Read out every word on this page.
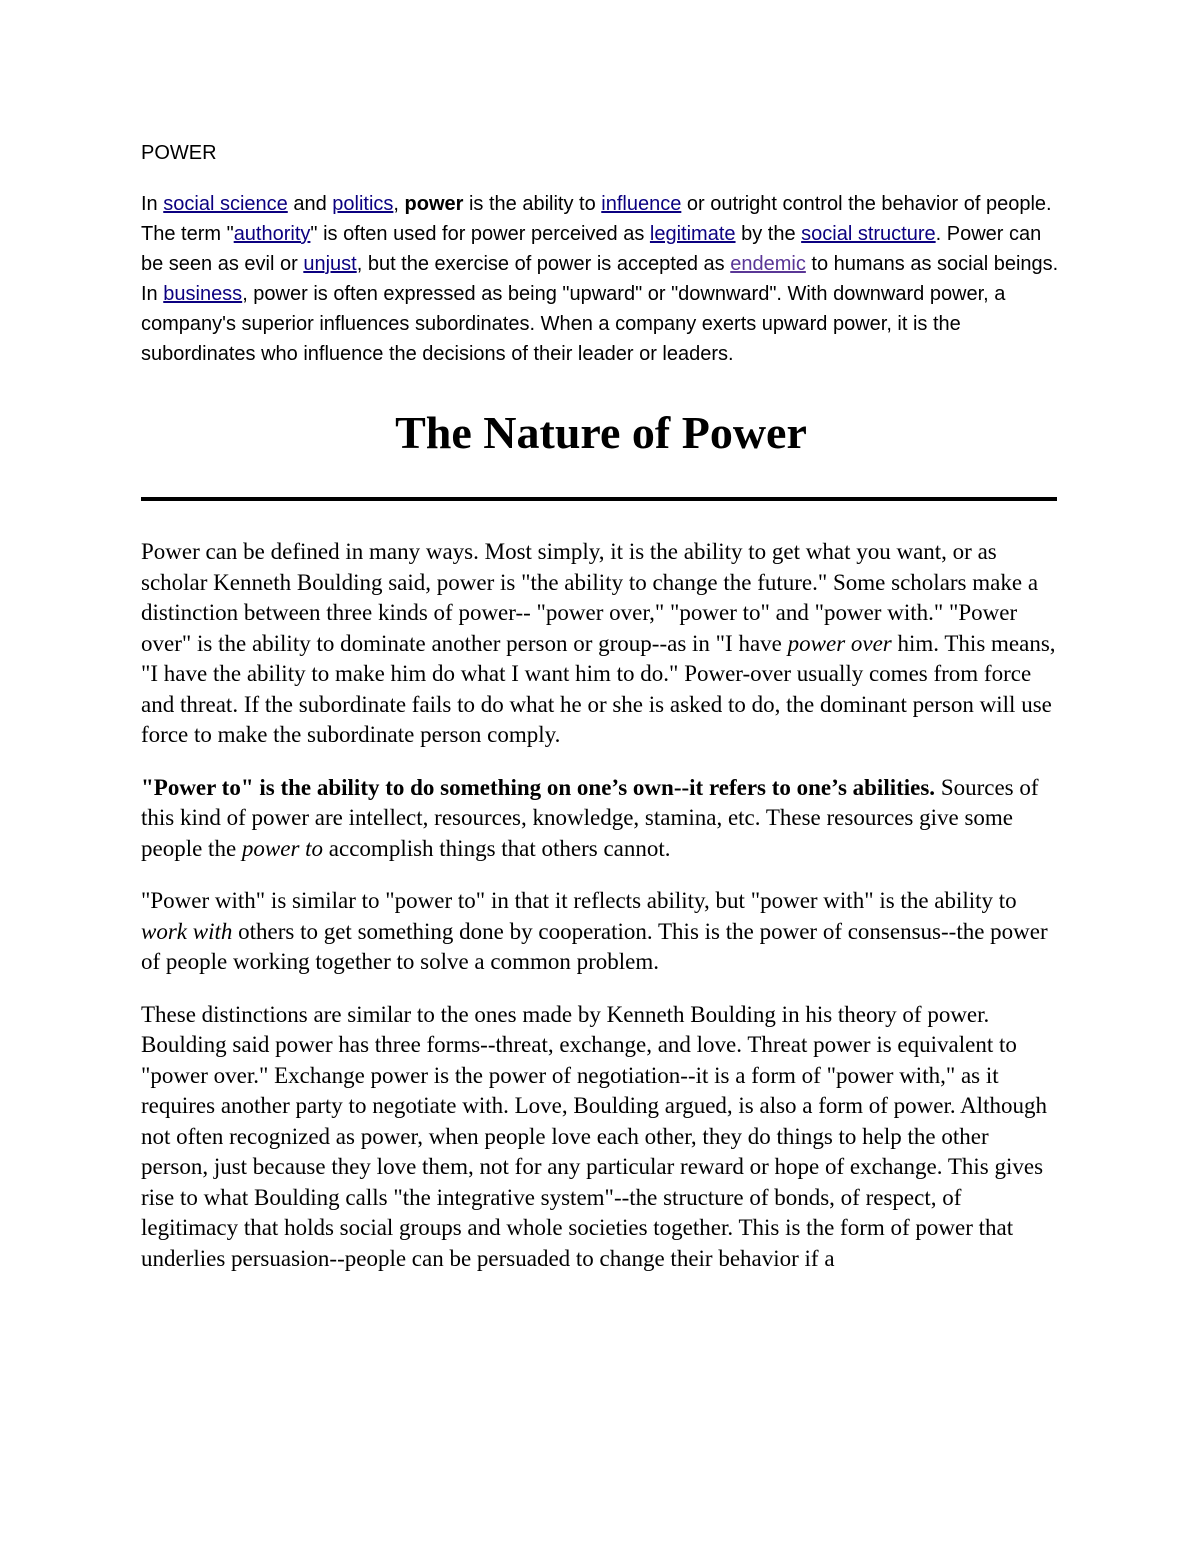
POWER

In social science and politics, power is the ability to influence or outright control the behavior of people. The term "authority" is often used for power perceived as legitimate by the social structure. Power can be seen as evil or unjust, but the exercise of power is accepted as endemic to humans as social beings. In business, power is often expressed as being "upward" or "downward". With downward power, a company's superior influences subordinates. When a company exerts upward power, it is the subordinates who influence the decisions of their leader or leaders.

The Nature of Power

Power can be defined in many ways. Most simply, it is the ability to get what you want, or as scholar Kenneth Boulding said, power is "the ability to change the future." Some scholars make a distinction between three kinds of power-- "power over," "power to" and "power with." "Power over" is the ability to dominate another person or group--as in "I have power over him. This means, "I have the ability to make him do what I want him to do." Power-over usually comes from force and threat. If the subordinate fails to do what he or she is asked to do, the dominant person will use force to make the subordinate person comply.

"Power to" is the ability to do something on one’s own--it refers to one’s abilities. Sources of this kind of power are intellect, resources, knowledge, stamina, etc. These resources give some people the power to accomplish things that others cannot.

"Power with" is similar to "power to" in that it reflects ability, but "power with" is the ability to work with others to get something done by cooperation. This is the power of consensus--the power of people working together to solve a common problem.

These distinctions are similar to the ones made by Kenneth Boulding in his theory of power. Boulding said power has three forms--threat, exchange, and love. Threat power is equivalent to "power over." Exchange power is the power of negotiation--it is a form of "power with," as it requires another party to negotiate with. Love, Boulding argued, is also a form of power. Although not often recognized as power, when people love each other, they do things to help the other person, just because they love them, not for any particular reward or hope of exchange. This gives rise to what Boulding calls "the integrative system"--the structure of bonds, of respect, of legitimacy that holds social groups and whole societies together. This is the form of power that underlies persuasion--people can be persuaded to change their behavior if a
